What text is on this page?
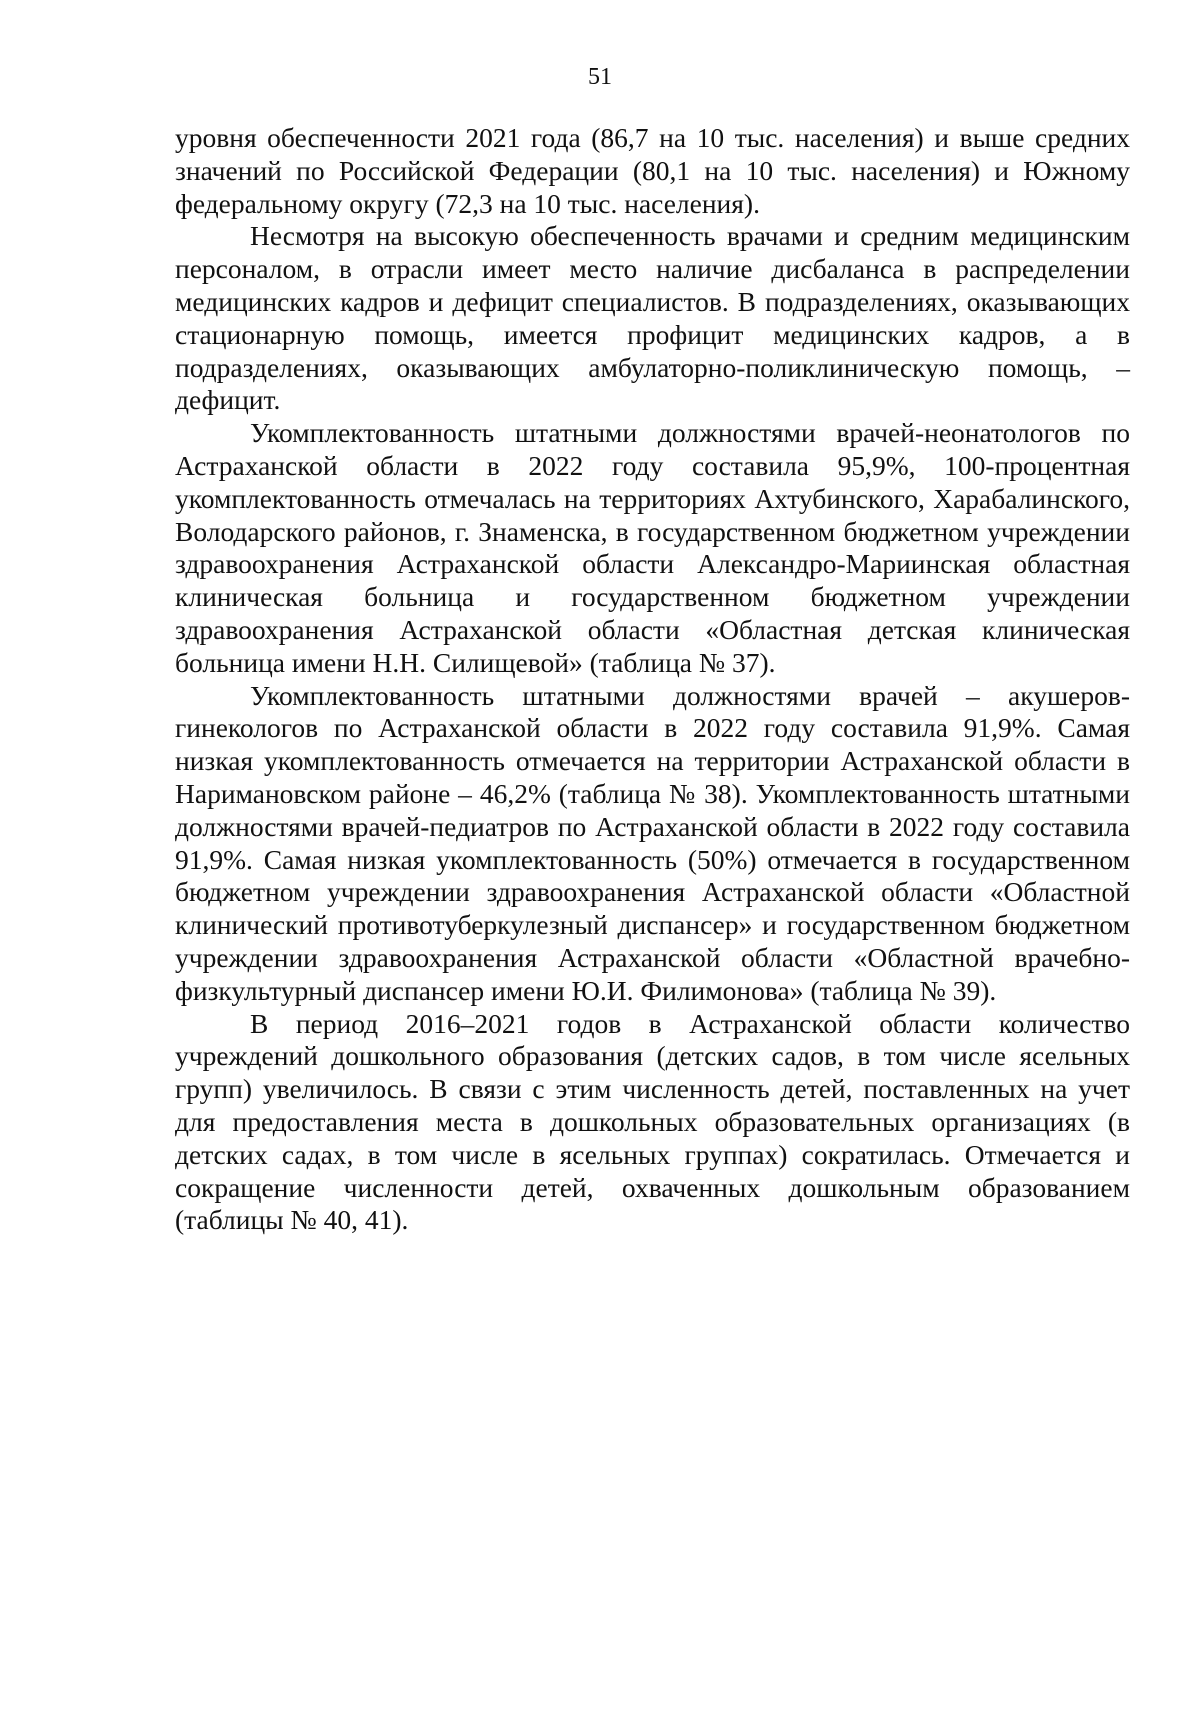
51

уровня обеспеченности 2021 года (86,7 на 10 тыс. населения) и выше средних значений по Российской Федерации (80,1 на 10 тыс. населения) и Южному федеральному округу (72,3 на 10 тыс. населения).

Несмотря на высокую обеспеченность врачами и средним медицинским персоналом, в отрасли имеет место наличие дисбаланса в распределении медицинских кадров и дефицит специалистов. В подразделениях, оказывающих стационарную помощь, имеется профицит медицинских кадров, а в подразделениях, оказывающих амбулаторно-поликлиническую помощь, – дефицит.

Укомплектованность штатными должностями врачей-неонатологов по Астраханской области в 2022 году составила 95,9%, 100-процентная укомплектованность отмечалась на территориях Ахтубинского, Харабалинского, Володарского районов, г. Знаменска, в государственном бюджетном учреждении здравоохранения Астраханской области Александро-Мариинская областная клиническая больница и государственном бюджетном учреждении здравоохранения Астраханской области «Областная детская клиническая больница имени Н.Н. Силищевой» (таблица № 37).

Укомплектованность штатными должностями врачей – акушеров-гинекологов по Астраханской области в 2022 году составила 91,9%. Самая низкая укомплектованность отмечается на территории Астраханской области в Наримановском районе – 46,2% (таблица № 38). Укомплектованность штатными должностями врачей-педиатров по Астраханской области в 2022 году составила 91,9%. Самая низкая укомплектованность (50%) отмечается в государственном бюджетном учреждении здравоохранения Астраханской области «Областной клинический противотуберкулезный диспансер» и государственном бюджетном учреждении здравоохранения Астраханской области «Областной врачебно-физкультурный диспансер имени Ю.И. Филимонова» (таблица № 39).

В период 2016–2021 годов в Астраханской области количество учреждений дошкольного образования (детских садов, в том числе ясельных групп) увеличилось. В связи с этим численность детей, поставленных на учет для предоставления места в дошкольных образовательных организациях (в детских садах, в том числе в ясельных группах) сократилась. Отмечается и сокращение численности детей, охваченных дошкольным образованием (таблицы № 40, 41).
